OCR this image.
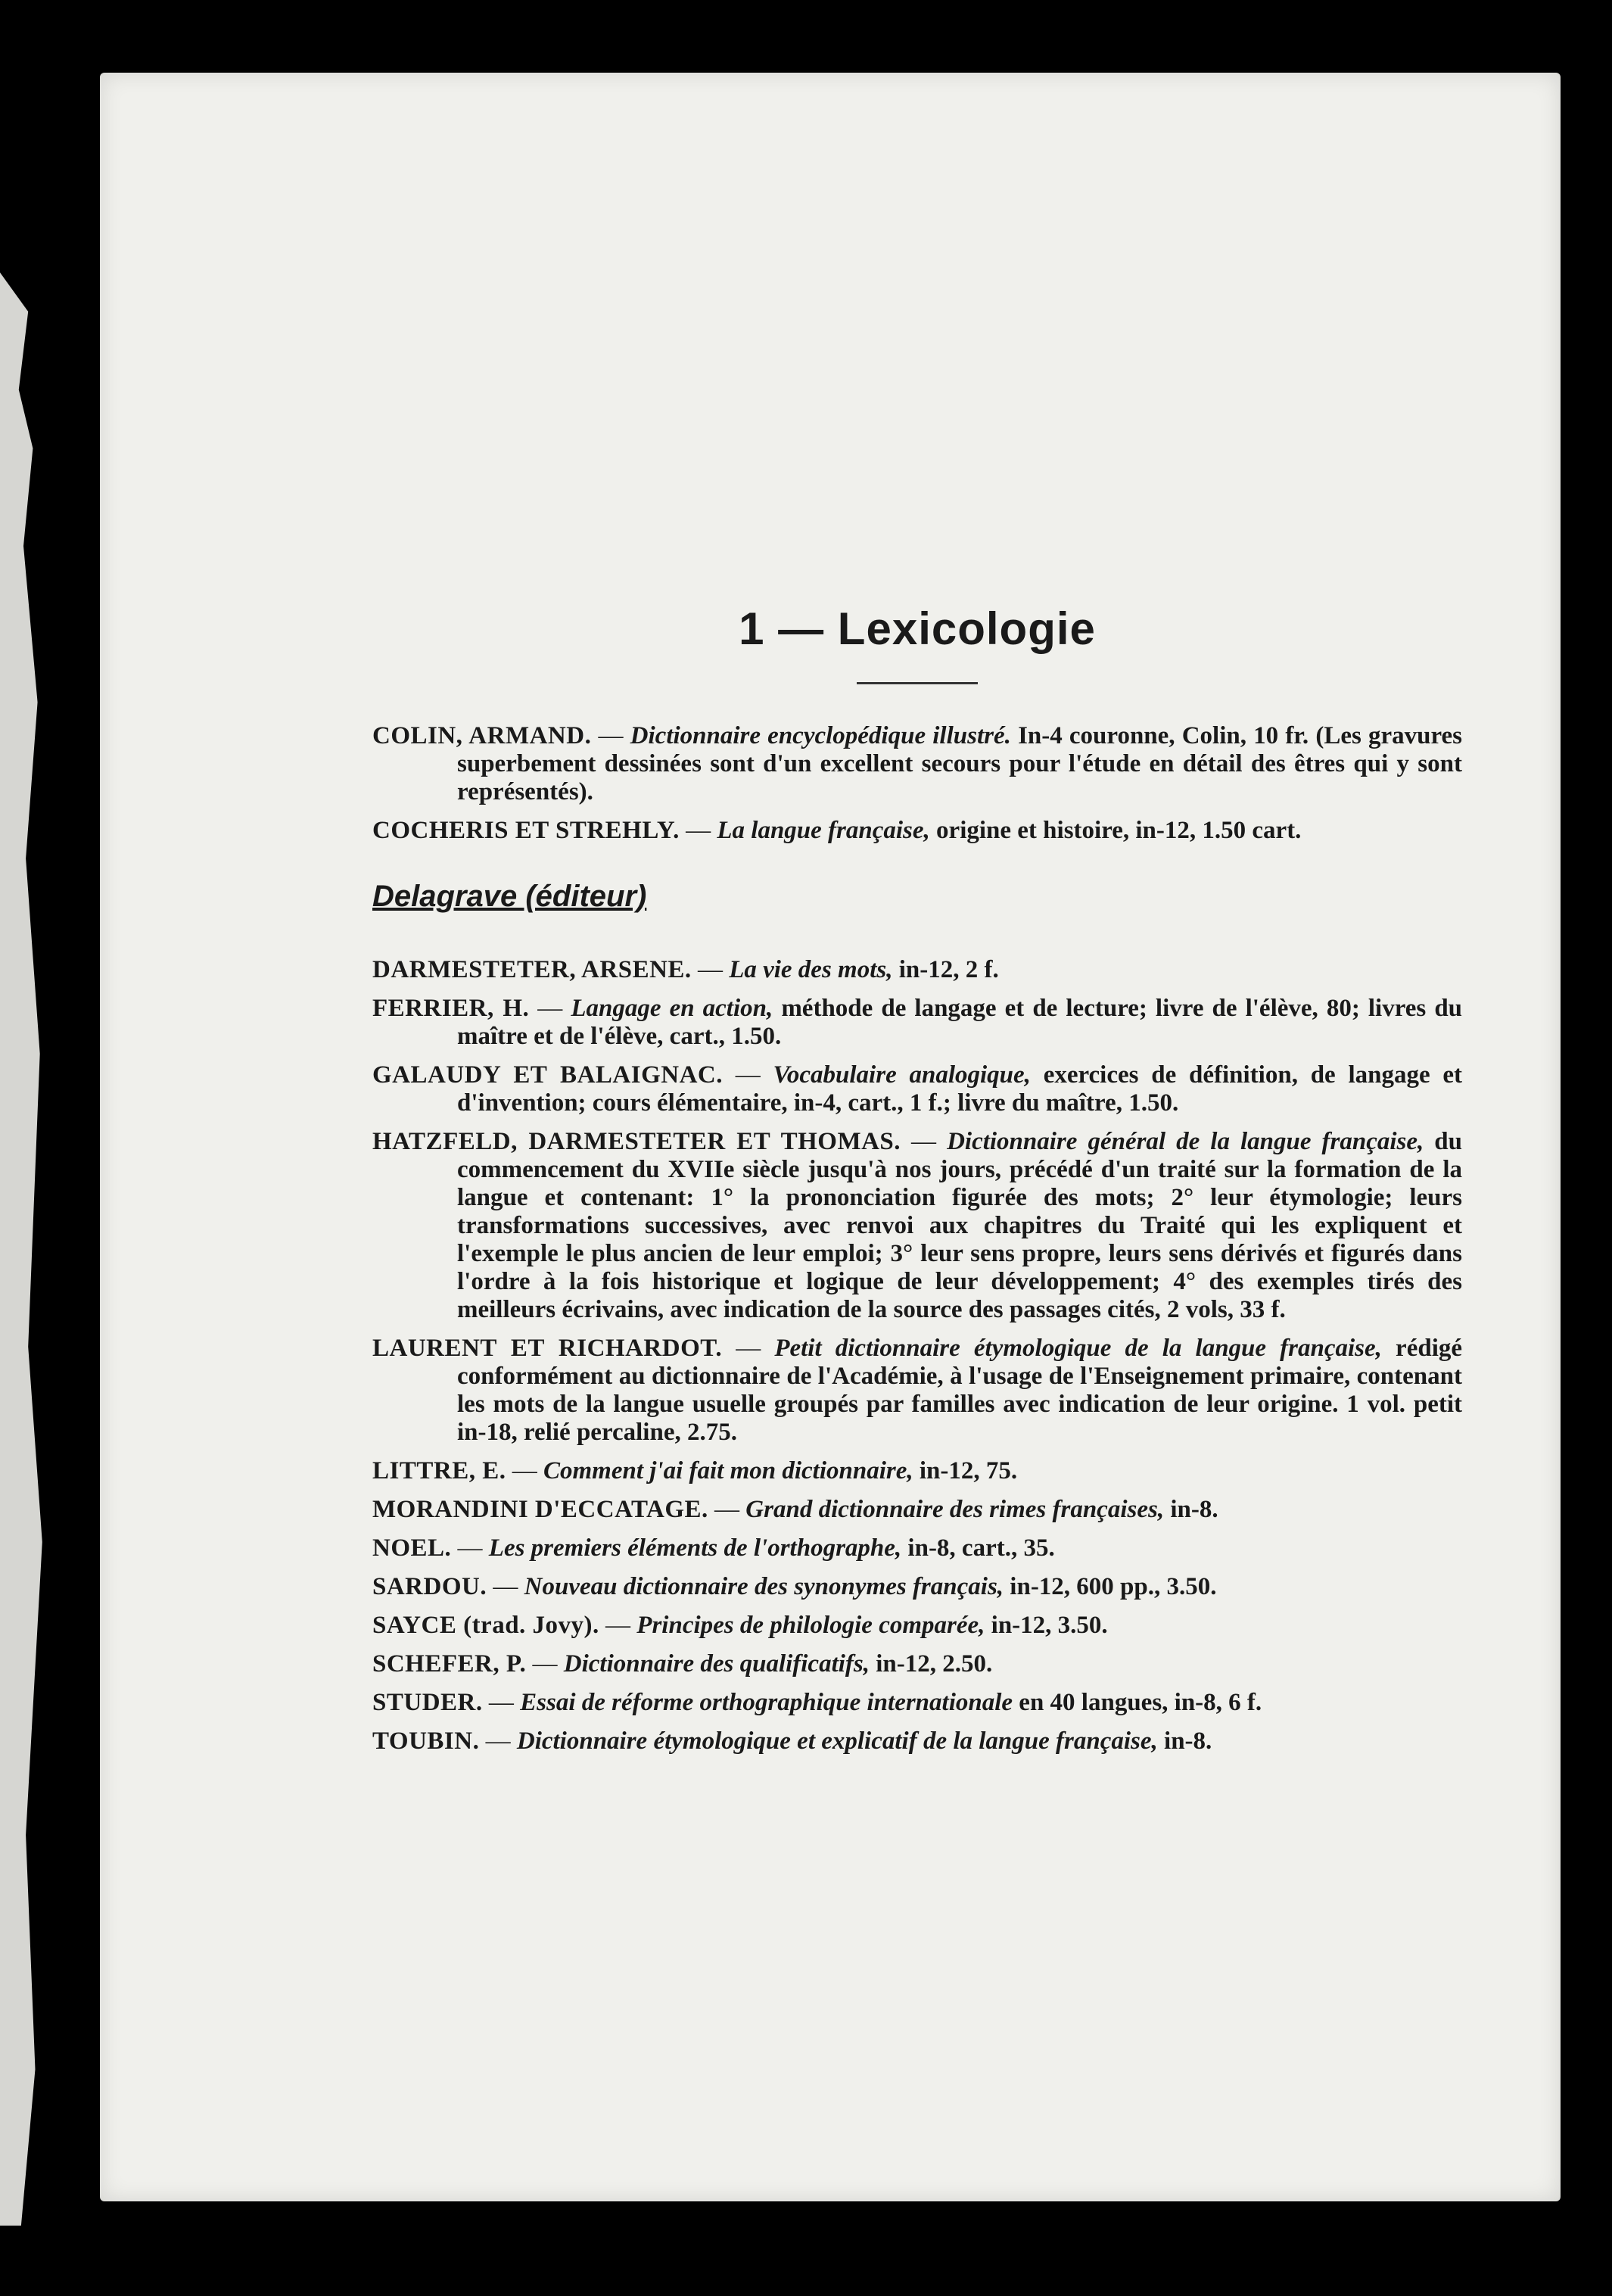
1 — Lexicologie

COLIN, ARMAND. — Dictionnaire encyclopédique illustré. In-4 couronne, Colin, 10 fr. (Les gravures superbement dessinées sont d'un excellent secours pour l'étude en détail des êtres qui y sont représentés).

COCHERIS ET STREHLY. — La langue française, origine et histoire, in-12, 1.50 cart.

Delagrave (éditeur)

DARMESTETER, ARSENE. — La vie des mots, in-12, 2 f.

FERRIER, H. — Langage en action, méthode de langage et de lecture; livre de l'élève, 80; livres du maître et de l'élève, cart., 1.50.

GALAUDY ET BALAIGNAC. — Vocabulaire analogique, exercices de définition, de langage et d'invention; cours élémentaire, in-4, cart., 1 f.; livre du maître, 1.50.

HATZFELD, DARMESTETER ET THOMAS. — Dictionnaire général de la langue française, du commencement du XVIIe siècle jusqu'à nos jours, précédé d'un traité sur la formation de la langue et contenant: 1° la prononciation figurée des mots; 2° leur étymologie; leurs transformations successives, avec renvoi aux chapitres du Traité qui les expliquent et l'exemple le plus ancien de leur emploi; 3° leur sens propre, leurs sens dérivés et figurés dans l'ordre à la fois historique et logique de leur développement; 4° des exemples tirés des meilleurs écrivains, avec indication de la source des passages cités, 2 vols, 33 f.

LAURENT ET RICHARDOT. — Petit dictionnaire étymologique de la langue française, rédigé conformément au dictionnaire de l'Académie, à l'usage de l'Enseignement primaire, contenant les mots de la langue usuelle groupés par familles avec indication de leur origine. 1 vol. petit in-18, relié percaline, 2.75.

LITTRE, E. — Comment j'ai fait mon dictionnaire, in-12, 75.

MORANDINI D'ECCATAGE. — Grand dictionnaire des rimes françaises, in-8.

NOEL. — Les premiers éléments de l'orthographe, in-8, cart., 35.

SARDOU. — Nouveau dictionnaire des synonymes français, in-12, 600 pp., 3.50.

SAYCE (trad. Jovy). — Principes de philologie comparée, in-12, 3.50.

SCHEFER, P. — Dictionnaire des qualificatifs, in-12, 2.50.

STUDER. — Essai de réforme orthographique internationale en 40 langues, in-8, 6 f.

TOUBIN. — Dictionnaire étymologique et explicatif de la langue française, in-8.
